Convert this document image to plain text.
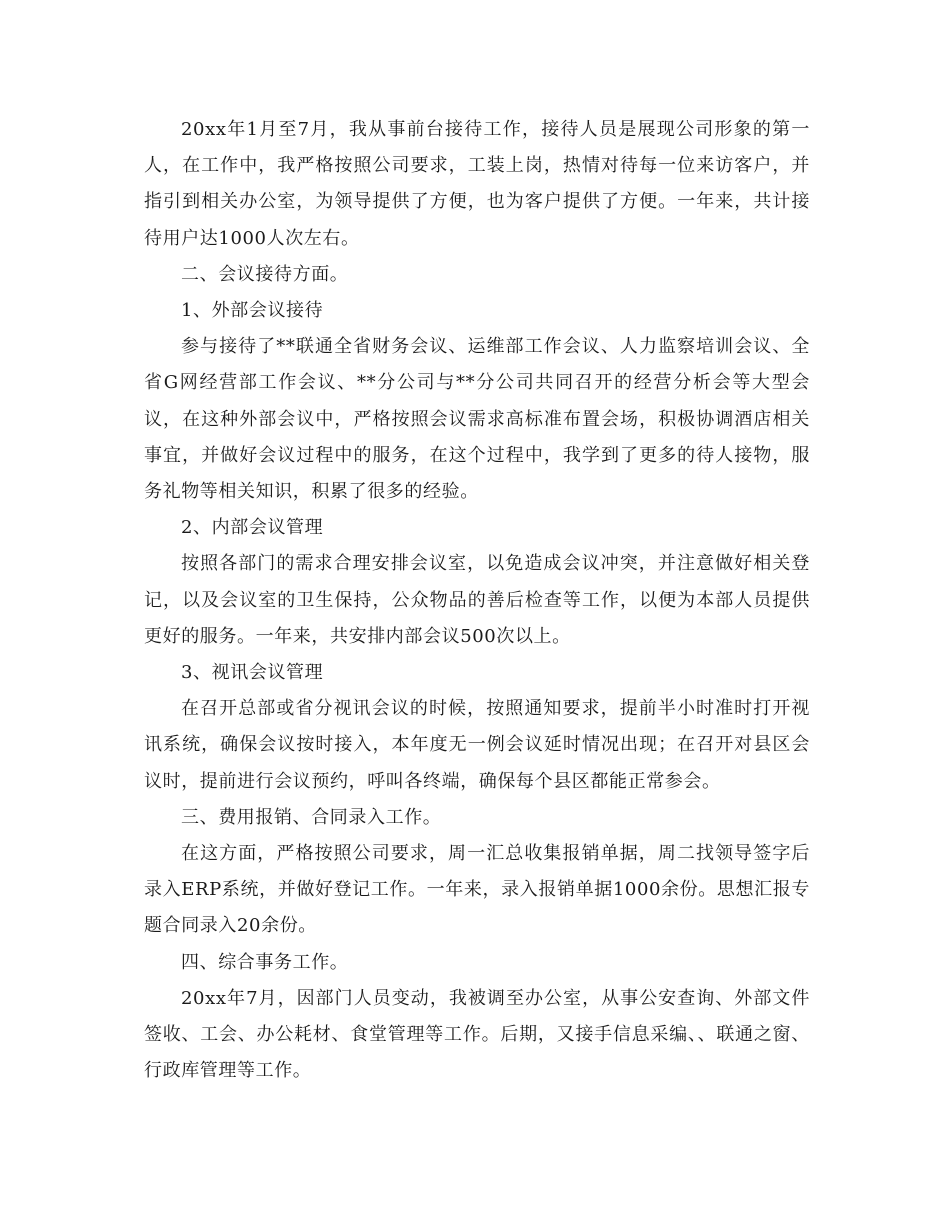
20xx年1月至7月，我从事前台接待工作，接待人员是展现公司形象的第一人，在工作中，我严格按照公司要求，工装上岗，热情对待每一位来访客户，并指引到相关办公室，为领导提供了方便，也为客户提供了方便。一年来，共计接待用户达1000人次左右。

二、会议接待方面。

1、外部会议接待

参与接待了**联通全省财务会议、运维部工作会议、人力监察培训会议、全省G网经营部工作会议、**分公司与**分公司共同召开的经营分析会等大型会议，在这种外部会议中，严格按照会议需求高标准布置会场，积极协调酒店相关事宜，并做好会议过程中的服务，在这个过程中，我学到了更多的待人接物，服务礼物等相关知识，积累了很多的经验。

2、内部会议管理

按照各部门的需求合理安排会议室，以免造成会议冲突，并注意做好相关登记，以及会议室的卫生保持，公众物品的善后检查等工作，以便为本部人员提供更好的服务。一年来，共安排内部会议500次以上。

3、视讯会议管理

在召开总部或省分视讯会议的时候，按照通知要求，提前半小时准时打开视讯系统，确保会议按时接入，本年度无一例会议延时情况出现；在召开对县区会议时，提前进行会议预约，呼叫各终端，确保每个县区都能正常参会。

三、费用报销、合同录入工作。

在这方面，严格按照公司要求，周一汇总收集报销单据，周二找领导签字后录入ERP系统，并做好登记工作。一年来，录入报销单据1000余份。思想汇报专题合同录入20余份。

四、综合事务工作。

20xx年7月，因部门人员变动，我被调至办公室，从事公安查询、外部文件签收、工会、办公耗材、食堂管理等工作。后期，又接手信息采编、、联通之窗、行政库管理等工作。
